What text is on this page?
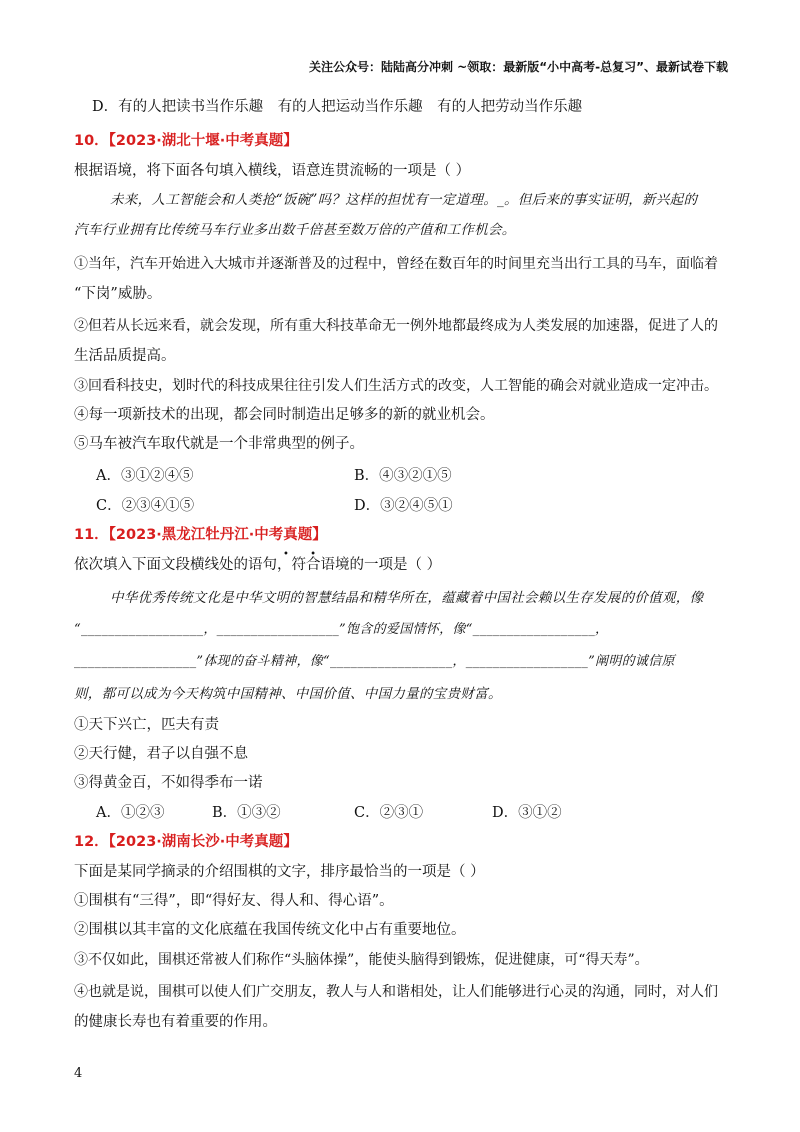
关注公众号：陆陆高分冲刺 ~领取：最新版“小中高考-总复习”、最新试卷下载
D．有的人把读书当作乐趣　有的人把运动当作乐趣　有的人把劳动当作乐趣
10．【2023·湖北十堰·中考真题】
根据语境，将下面各句填入横线，语意连贯流畅的一项是（ ）
未来，人工智能会和人类抢“饭碗”吗？这样的担忧有一定道理。_。但后来的事实证明，新兴起的
汽车行业拥有比传统马车行业多出数千倍甚至数万倍的产值和工作机会。
①当年，汽车开始进入大城市并逐渐普及的过程中，曾经在数百年的时间里充当出行工具的马车，面临着
“下岗”威胁。
②但若从长远来看，就会发现，所有重大科技革命无一例外地都最终成为人类发展的加速器，促进了人的
生活品质提高。
③回看科技史，划时代的科技成果往往引发人们生活方式的改变，人工智能的确会对就业造成一定冲击。
④每一项新技术的出现，都会同时制造出足够多的新的就业机会。
⑤马车被汽车取代就是一个非常典型的例子。
A．③①②④⑤	B．④③②①⑤
C．②③④①⑤	D．③②④⑤①
11．【2023·黑龙江牡丹江·中考真题】
• •
依次填入下面文段横线处的语句，符合语境的一项是（ ）
中华优秀传统文化是中华文明的智慧结晶和精华所在，蕴藏着中国社会赖以生存发展的价值观，像
“__________________，__________________”饱含的爱国情怀，像“__________________，
__________________”体现的奋斗精神，像“__________________，__________________”阐明的诚信原
则，都可以成为今天构筑中国精神、中国价值、中国力量的宝贵财富。
①天下兴亡，匹夫有责
②天行健，君子以自强不息
③得黄金百，不如得季布一诺
A．①②③	B．①③②	C．②③①	D．③①②
12．【2023·湖南长沙·中考真题】
下面是某同学摘录的介绍围棋的文字，排序最恰当的一项是（ ）
①围棋有“三得”，即“得好友、得人和、得心语”。
②围棋以其丰富的文化底蕴在我国传统文化中占有重要地位。
③不仅如此，围棋还常被人们称作“头脑体操”，能使头脑得到锻炼，促进健康，可“得天寿”。
④也就是说，围棋可以使人们广交朋友，教人与人和谐相处，让人们能够进行心灵的沟通，同时，对人们
的健康长寿也有着重要的作用。
4
